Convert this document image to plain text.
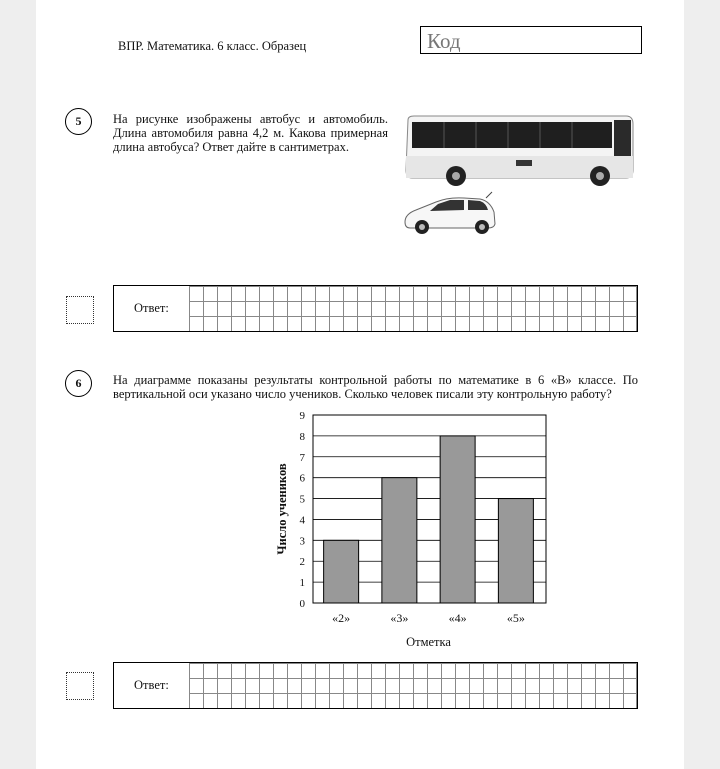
ВПР. Математика. 6 класс. Образец	Код
5	На рисунке изображены автобус и автомобиль.
Длина автомобиля равна 4,2 м. Какова примерная
длина автобуса? Ответ дайте в сантиметрах.
Ответ:
6	На диаграмме показаны результаты контрольной работы по математике в 6 «В» классе. По
вертикальной оси указано число учеников. Сколько человек писали эту контрольную работу?
0
1
2
3
4
5
6
7
8
9
«2»	«3»	«4»	«5»
Отметка
Число учеников
Ответ:
